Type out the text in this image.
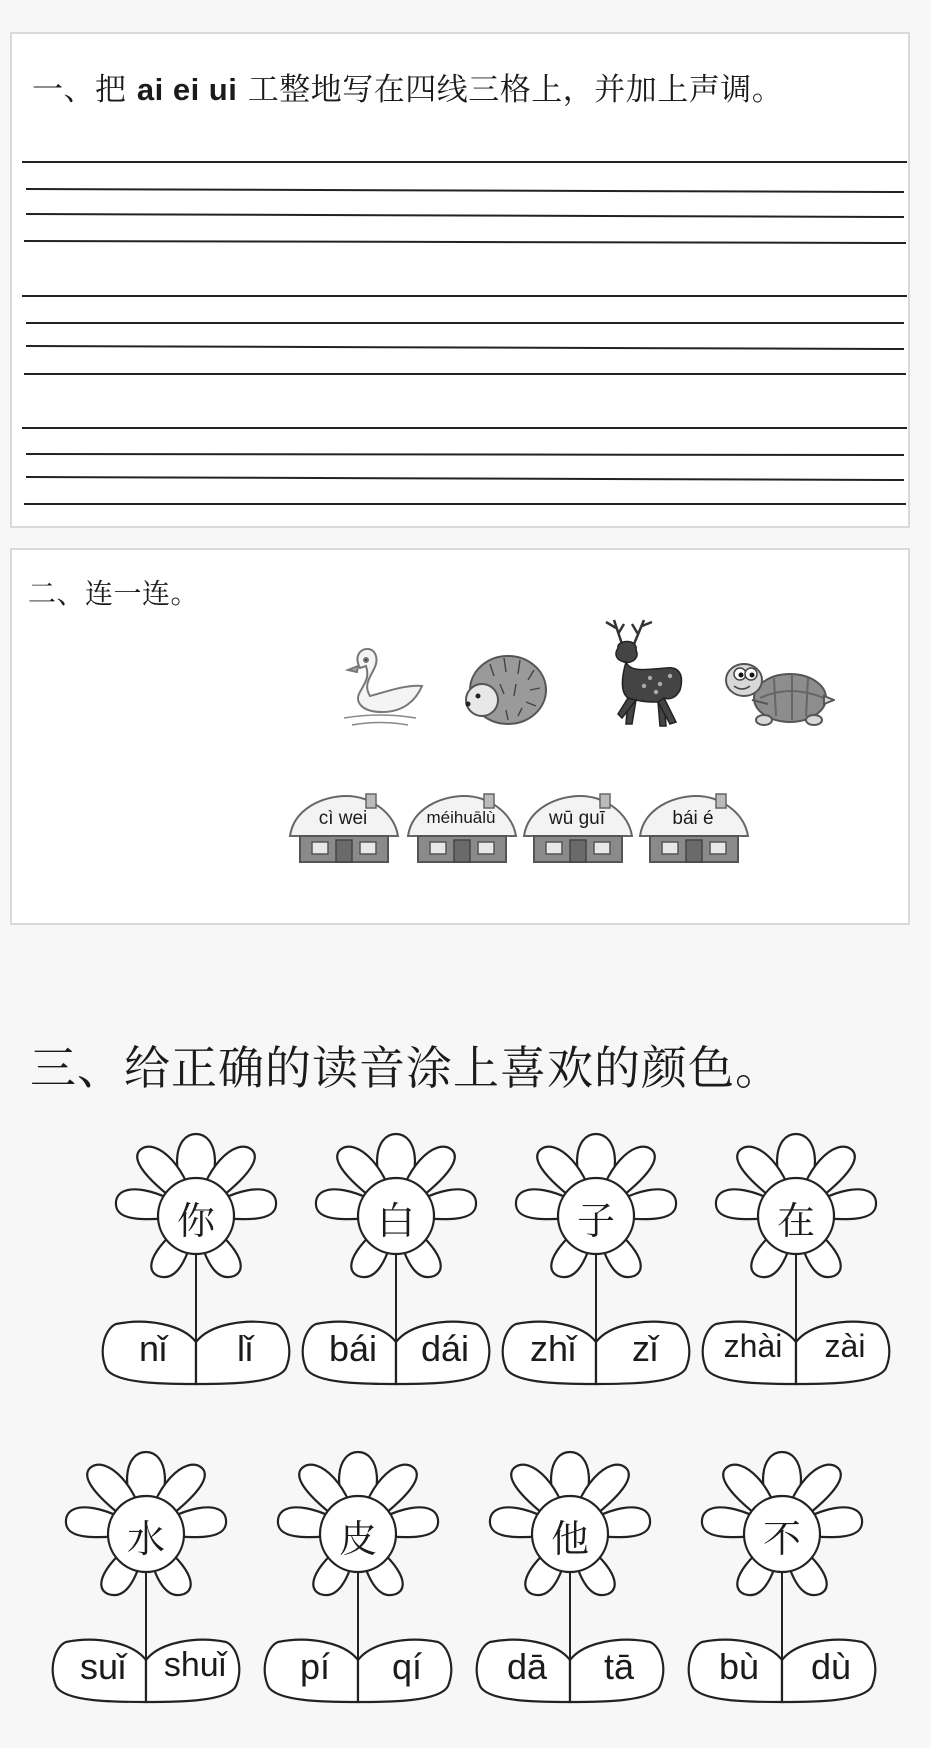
一、把 ai ei ui 工整地写在四线三格上，并加上声调。
二、连一连。
cì wei	méihuālù	wū guī	bái é
三、给正确的读音涂上喜欢的颜色。
你
nǐ	lǐ
白
bái	dái
子
zhǐ	zǐ
在
zhài	zài
水
suǐ	shuǐ
皮
pí	qí
他
dā	tā
不
bù	dù
